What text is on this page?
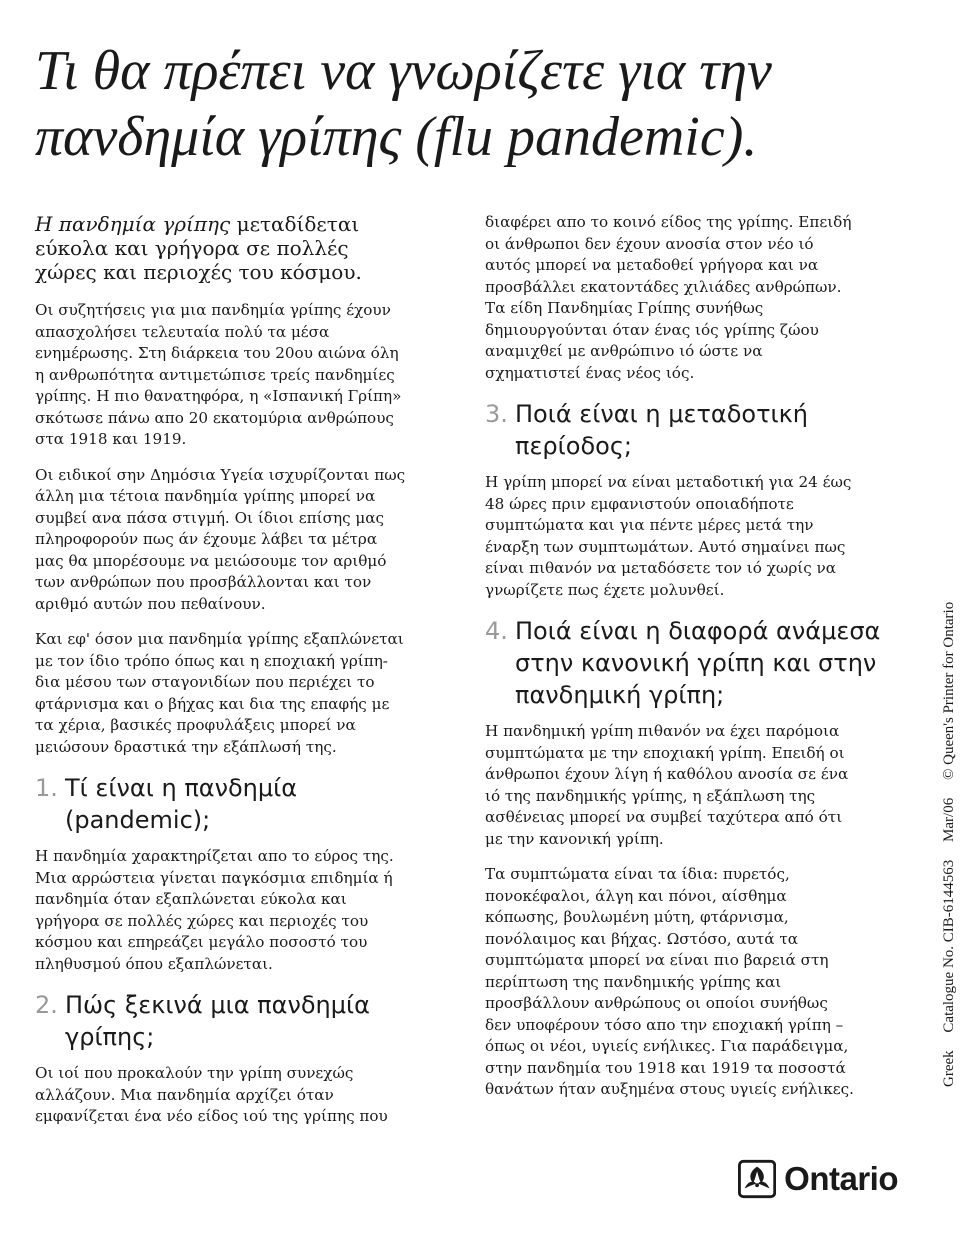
Τι θα πρέπει να γνωρίζετε για την
πανδημία γρίπης (flu pandemic).

Η πανδημία γρίπης μεταδίδεται
εύκολα και γρήγορα σε πολλές
χώρες και περιοχές του κόσμου.

Οι συζητήσεις για μια πανδημία γρίπης έχουν
απασχολήσει τελευταία πολύ τα μέσα
ενημέρωσης. Στη διάρκεια του 20ου αιώνα όλη
η ανθρωπότητα αντιμετώπισε τρείς πανδημίες
γρίπης. Η πιο θανατηφόρα, η «Ισπανική Γρίπη»
σκότωσε πάνω απο 20 εκατομύρια ανθρώπους
στα 1918 και 1919.

Οι ειδικοί σην Δημόσια Υγεία ισχυρίζονται πως
άλλη μια τέτοια πανδημία γρίπης μπορεί να
συμβεί ανα πάσα στιγμή. Οι ίδιοι επίσης μας
πληροφορούν πως άν έχουμε λάβει τα μέτρα
μας θα μπορέσουμε να μειώσουμε τον αριθμό
των ανθρώπων που προσβάλλονται και τον
αριθμό αυτών που πεθαίνουν.

Και εφ' όσον μια πανδημία γρίπης εξαπλώνεται
με τον ίδιο τρόπο όπως και η εποχιακή γρίπη-
δια μέσου των σταγονιδίων που περιέχει το
φτάρνισμα και ο βήχας και δια της επαφής με
τα χέρια, βασικές προφυλάξεις μπορεί να
μειώσουν δραστικά την εξάπλωσή της.

1. Τί είναι η πανδημία
(pandemic);

Η πανδημία χαρακτηρίζεται απο το εύρος της.
Μια αρρώστεια γίνεται παγκόσμια επιδημία ή
πανδημία όταν εξαπλώνεται εύκολα και
γρήγορα σε πολλές χώρες και περιοχές του
κόσμου και επηρεάζει μεγάλο ποσοστό του
πληθυσμού όπου εξαπλώνεται.

2. Πώς ξεκινά μια πανδημία
γρίπης;

Οι ιοί που προκαλούν την γρίπη συνεχώς
αλλάζουν. Μια πανδημία αρχίζει όταν
εμφανίζεται ένα νέο είδος ιού της γρίπης που

διαφέρει απο το κοινό είδος της γρίπης. Επειδή
οι άνθρωποι δεν έχουν ανοσία στον νέο ιό
αυτός μπορεί να μεταδοθεί γρήγορα και να
προσβάλλει εκατοντάδες χιλιάδες ανθρώπων.
Τα είδη Πανδημίας Γρίπης συνήθως
δημιουργούνται όταν ένας ιός γρίπης ζώου
αναμιχθεί με ανθρώπινο ιό ώστε να
σχηματιστεί ένας νέος ιός.

3. Ποιά είναι η μεταδοτική
περίοδος;

Η γρίπη μπορεί να είναι μεταδοτική για 24 έως
48 ώρες πριν εμφανιστούν οποιαδήποτε
συμπτώματα και για πέντε μέρες μετά την
έναρξη των συμπτωμάτων. Αυτό σημαίνει πως
είναι πιθανόν να μεταδόσετε τον ιό χωρίς να
γνωρίζετε πως έχετε μολυνθεί.

4. Ποιά είναι η διαφορά ανάμεσα
στην κανονική γρίπη και στην
πανδημική γρίπη;

Η πανδημική γρίπη πιθανόν να έχει παρόμοια
συμπτώματα με την εποχιακή γρίπη. Επειδή οι
άνθρωποι έχουν λίγη ή καθόλου ανοσία σε ένα
ιό της πανδημικής γρίπης, η εξάπλωση της
ασθένειας μπορεί να συμβεί ταχύτερα από ότι
με την κανονική γρίπη.

Τα συμπτώματα είναι τα ίδια: πυρετός,
πονοκέφαλοι, άλγη και πόνοι, αίσθημα
κόπωσης, βουλωμένη μύτη, φτάρνισμα,
πονόλαιμος και βήχας. Ωστόσο, αυτά τα
συμπτώματα μπορεί να είναι πιο βαρειά στη
περίπτωση της πανδημικής γρίπης και
προσβάλλουν ανθρώπους οι οποίοι συνήθως
δεν υποφέρουν τόσο απο την εποχιακή γρίπη –
όπως οι νέοι, υγιείς ενήλικες. Για παράδειγμα,
στην πανδημία του 1918 και 1919 τα ποσοστά
θανάτων ήταν αυξημένα στους υγιείς ενήλικες.

Greek Catalogue No. CIB-6144563 Mar/06 © Queen's Printer for Ontario
Ontario
